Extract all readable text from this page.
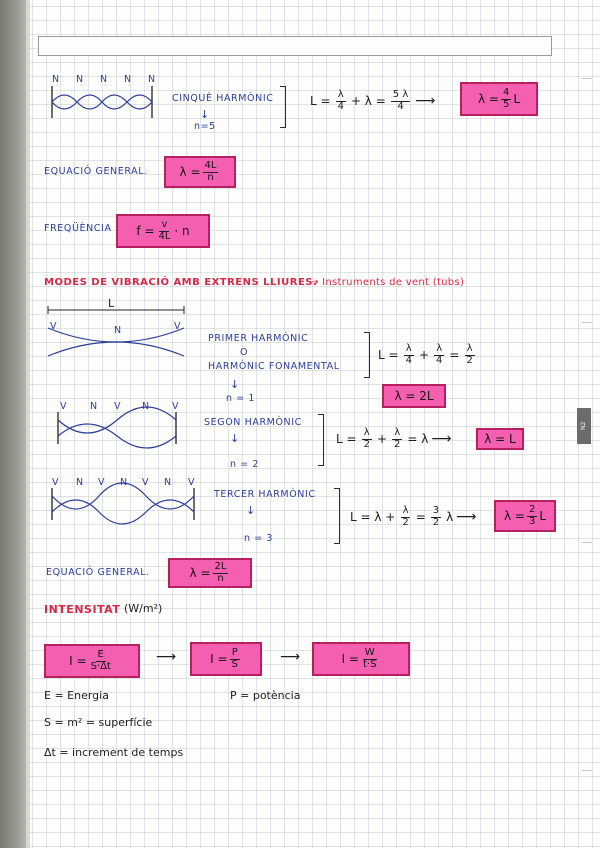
N2
N N N N N
CINQUÈ HARMÒNIC
↓
n=5
$L = \frac{\lambda}{4} + \lambda = \frac{5 \lambda}{4}$ ⟶	$\lambda = \frac{4}{5}$ L
EQUACIÓ GENERAL.	$\lambda = \frac{4L}{n}$
FREQÜÈNCIA $f = \frac{v}{4L} \cdot n$
MODES DE VIBRACIÓ AMB EXTRENS LLIURES.
→ Instruments de vent (tubs)
L
V	N	V
PRIMER HARMÒNIC
O
HARMÒNIC FONAMENTAL
↓
n = 1
$L = \frac{\lambda}{4} + \frac{\lambda}{4} = \frac{\lambda}{2}$
λ = 2L
V N V N V
SEGON HARMÒNIC
↓
n = 2
$L = \frac{\lambda}{2} + \frac{\lambda}{2} = \lambda$ ⟶	λ = L
V N V N V N V
TERCER HARMÒNIC
↓
n = 3
$L = \lambda + \frac{\lambda}{2} = \frac{3}{2}$ λ ⟶ $\lambda = \frac{2}{3}$ L
EQUACIÓ GENERAL.	$\lambda = \frac{2L}{n}$
INTENSITAT (W/m²)
$I = \frac{E}{S\cdot\Delta t}$	⟶	$I = \frac{P}{S}$	⟶	$I = \frac{W}{t\cdot S}$
E = Energia	P = potència
S = m² = superfície
Δt = increment de temps
